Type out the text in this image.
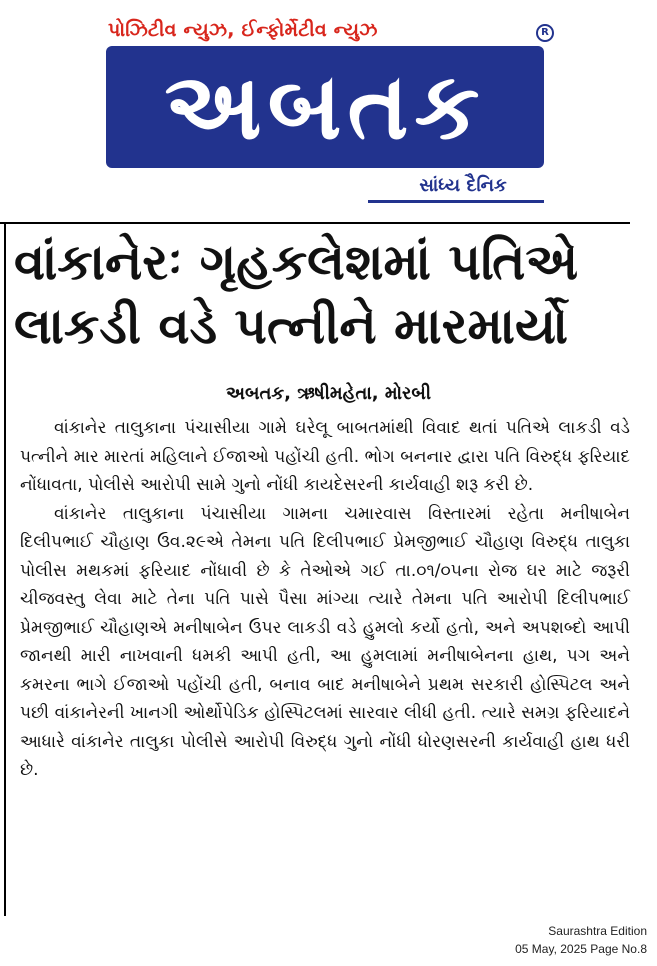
પોઝિટીવ ન્યુઝ, ઈન્ફોર્મેટીવ ન્યુઝ
અબતક
R
સાંધ્ય દૈનિક
વાંકાનેરઃ ગૃહકલેશમાં પતિએ
લાકડી વડે પત્નીને મારમાર્યો
અબતક, ઋષીમહેતા, મોરબી

વાંકાનેર તાલુકાના પંચાસીયા ગામે ઘરેલૂ બાબતમાંથી વિવાદ થતાં પતિએ લાકડી વડે પત્નીને માર મારતાં મહિલાને ઈજાઓ પહોંચી હતી. ભોગ બનનાર દ્વારા પતિ વિરુદ્ધ ફરિયાદ નોંધાવતા, પોલીસે આરોપી સામે ગુનો નોંધી કાયદેસરની કાર્યવાહી શરૂ કરી છે.

વાંકાનેર તાલુકાના પંચાસીયા ગામના ચમારવાસ વિસ્તારમાં રહેતા મનીષાબેન દિલીપભાઈ ચૌહાણ ઉવ.૨૯એ તેમના પતિ દિલીપભાઈ પ્રેમજીભાઈ ચૌહાણ વિરુદ્ધ તાલુકા પોલીસ મથકમાં ફરિયાદ નોંધાવી છે કે તેઓએ ગઈ તા.૦૧/૦૫ના રોજ ઘર માટે જરૂરી ચીજવસ્તુ લેવા માટે તેના પતિ પાસે પૈસા માંગ્યા ત્યારે તેમના પતિ આરોપી દિલીપભાઈ પ્રેમજીભાઈ ચૌહાણએ મનીષાબેન ઉપર લાકડી વડે હુમલો કર્યો હતો, અને અપશબ્દો આપી જાનથી મારી નાખવાની ધમકી આપી હતી, આ હુમલામાં મનીષાબેનના હાથ, પગ અને કમરના ભાગે ઈજાઓ પહોંચી હતી, બનાવ બાદ મનીષાબેને પ્રથમ સરકારી હોસ્પિટલ અને પછી વાંકાનેરની ખાનગી ઓર્થોપેડિક હોસ્પિટલમાં સારવાર લીધી હતી. ત્યારે સમગ્ર ફરિયાદને આધારે વાંકાનેર તાલુકા પોલીસે આરોપી વિરુદ્ધ ગુનો નોંધી ધોરણસરની કાર્યવાહી હાથ ધરી છે.

Saurashtra Edition
05 May, 2025 Page No.8
